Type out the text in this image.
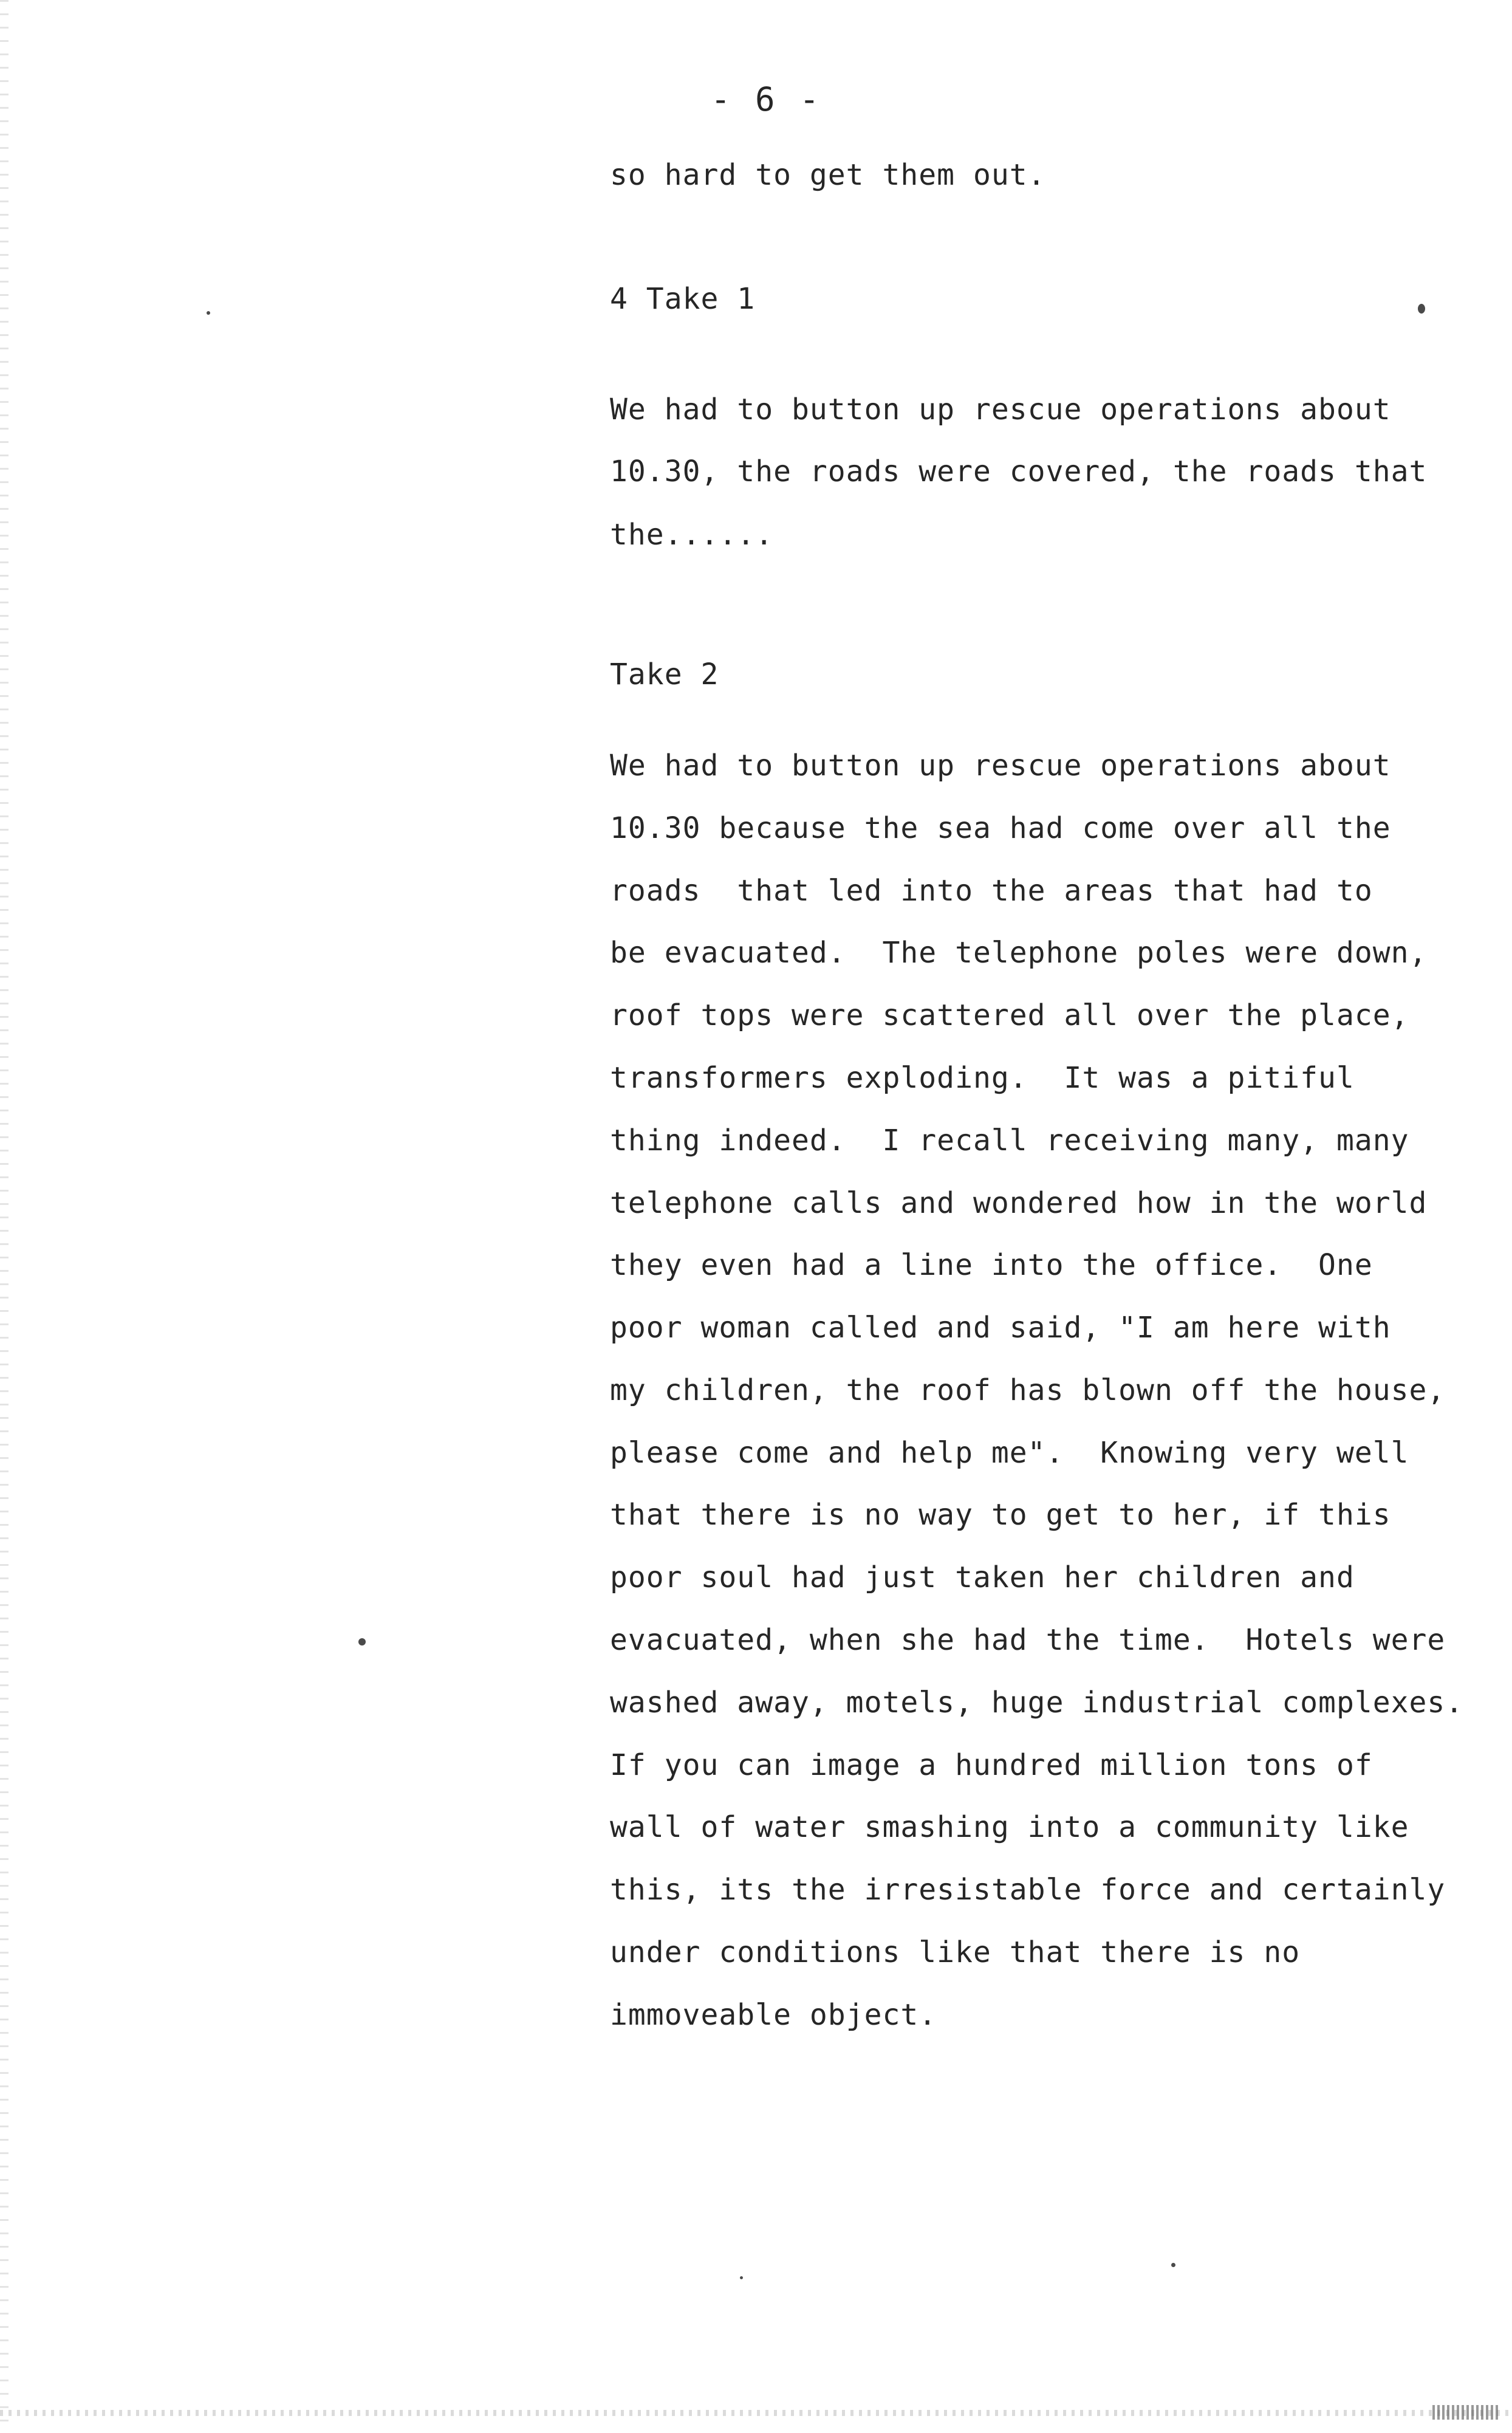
- 6 -
so hard to get them out.
4 Take 1
We had to button up rescue operations about
10.30, the roads were covered, the roads that
the......
Take 2
We had to button up rescue operations about
10.30 because the sea had come over all the
roads  that led into the areas that had to
be evacuated.  The telephone poles were down,
roof tops were scattered all over the place,
transformers exploding.  It was a pitiful
thing indeed.  I recall receiving many, many
telephone calls and wondered how in the world
they even had a line into the office.  One
poor woman called and said, "I am here with
my children, the roof has blown off the house,
please come and help me".  Knowing very well
that there is no way to get to her, if this
poor soul had just taken her children and
evacuated, when she had the time.  Hotels were
washed away, motels, huge industrial complexes.
If you can image a hundred million tons of
wall of water smashing into a community like
this, its the irresistable force and certainly
under conditions like that there is no
immoveable object.
